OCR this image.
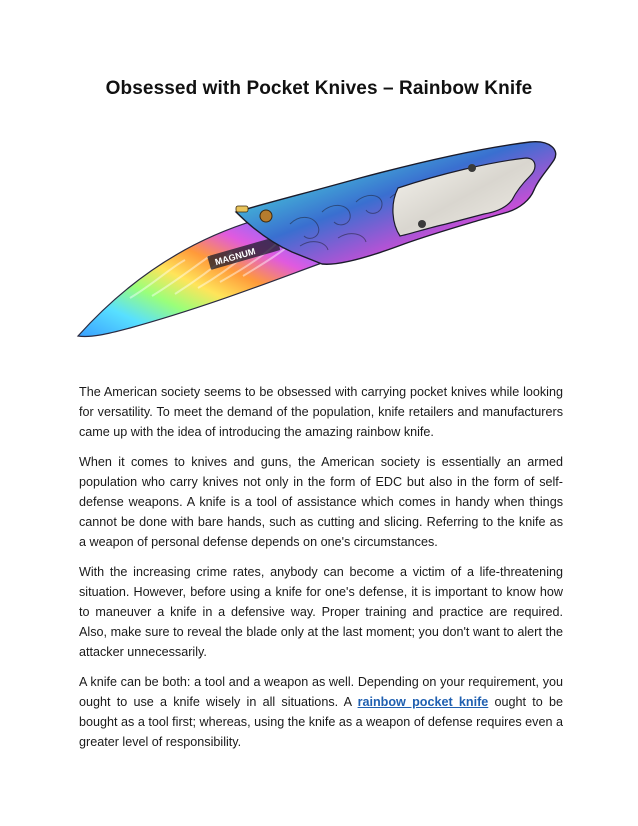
Obsessed with Pocket Knives – Rainbow Knife
MAGNUM

The American society seems to be obsessed with carrying pocket knives while looking for versatility. To meet the demand of the population, knife retailers and manufacturers came up with the idea of introducing the amazing rainbow knife.

When it comes to knives and guns, the American society is essentially an armed population who carry knives not only in the form of EDC but also in the form of self-defense weapons. A knife is a tool of assistance which comes in handy when things cannot be done with bare hands, such as cutting and slicing. Referring to the knife as a weapon of personal defense depends on one's circumstances.

With the increasing crime rates, anybody can become a victim of a life-threatening situation. However, before using a knife for one's defense, it is important to know how to maneuver a knife in a defensive way. Proper training and practice are required. Also, make sure to reveal the blade only at the last moment; you don't want to alert the attacker unnecessarily.

A knife can be both: a tool and a weapon as well. Depending on your requirement, you ought to use a knife wisely in all situations. A rainbow pocket knife ought to be bought as a tool first; whereas, using the knife as a weapon of defense requires even a greater level of responsibility.
